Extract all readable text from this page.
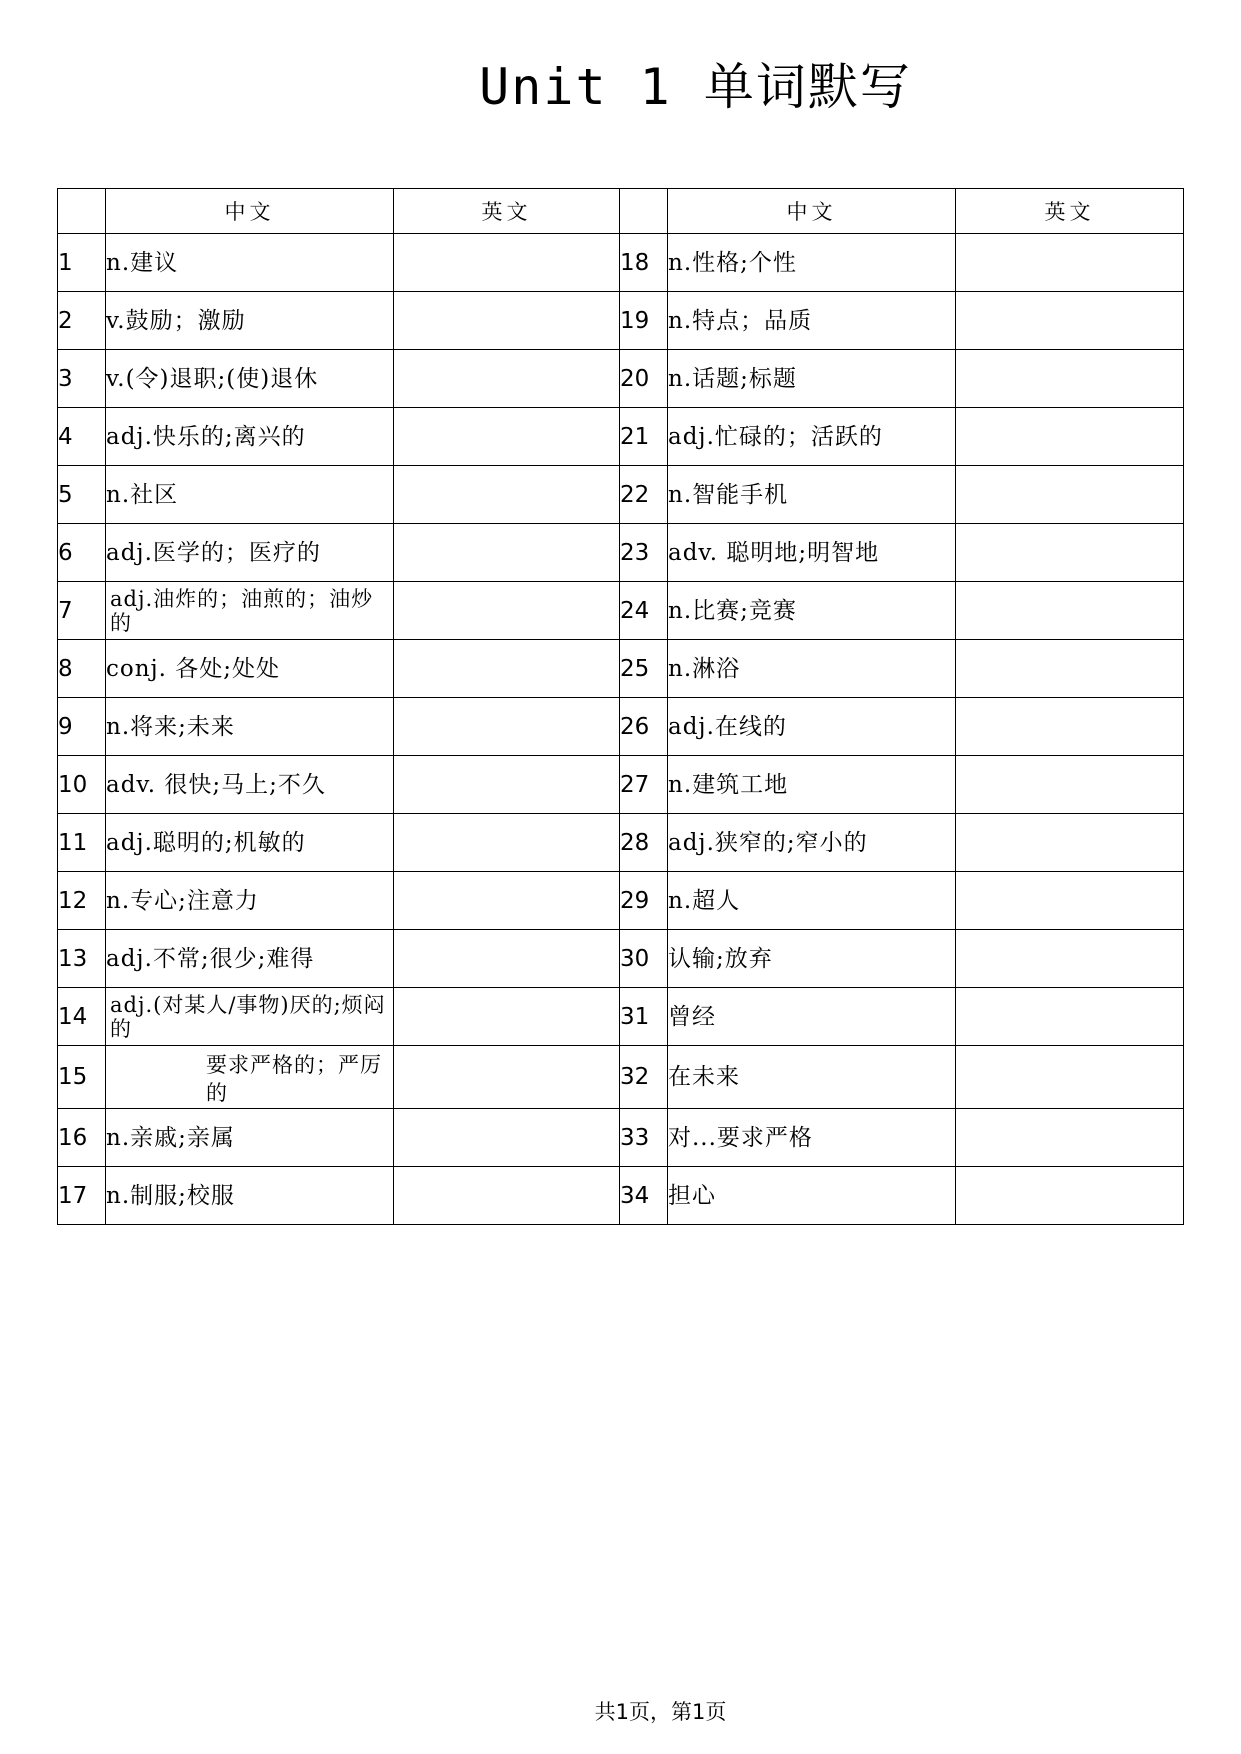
Unit 1 单词默写
	中文	英文		中文	英文
1	n.建议		18	n.性格;个性	
2	v.鼓励；激励		19	n.特点；品质	
3	v.(令)退职;(使)退休		20	n.话题;标题	
4	adj.快乐的;离兴的		21	adj.忙碌的；活跃的	
5	n.社区		22	n.智能手机	
6	adj.医学的；医疗的		23	adv. 聪明地;明智地	
7	adj.油炸的；油煎的；油炒的		24	n.比赛;竞赛	
8	conj. 各处;处处		25	n.淋浴	
9	n.将来;未来		26	adj.在线的	
10	adv. 很快;马上;不久		27	n.建筑工地	
11	adj.聪明的;机敏的		28	adj.狭窄的;窄小的	
12	n.专心;注意力		29	n.超人	
13	adj.不常;很少;难得		30	认输;放弃	
14	adj.(对某人/事物)厌的;烦闷的		31	曾经	
15	要求严格的；严厉的		32	在未来	
16	n.亲戚;亲属		33	对...要求严格	
17	n.制服;校服		34	担心	
共1页，第1页
